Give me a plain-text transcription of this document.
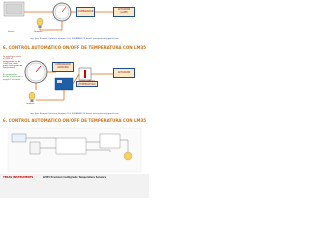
COMPARADOR	ACTUADOR (LAMP)
Lampara
Sensor
Ing. Jose Ricardo Quintero Vasquez Cel: 3008880573 Email: josequintero@gmail.com
6. CONTROL AUTOMATICO ON/OFF DE TEMPERATURA CON LM35
La señal que envia el LM35 al comparador es de 10mV por cada grado centígrado de temperatura
El comparador decide si enciende o apaga el actuador
COMPARADOR (ARDUINO)
TERMOMETRO (TEMPERATURA)
ACTUADOR
Lampara
Ing. Jose Ricardo Quintero Vasquez Cel: 3008880573 Email: josequintero@gmail.com
6. CONTROL AUTOMATICO ON/OFF DE TEMPERATURA CON LM35
TEXAS INSTRUMENTS	LM35 Precision Centigrade Temperature Sensors
